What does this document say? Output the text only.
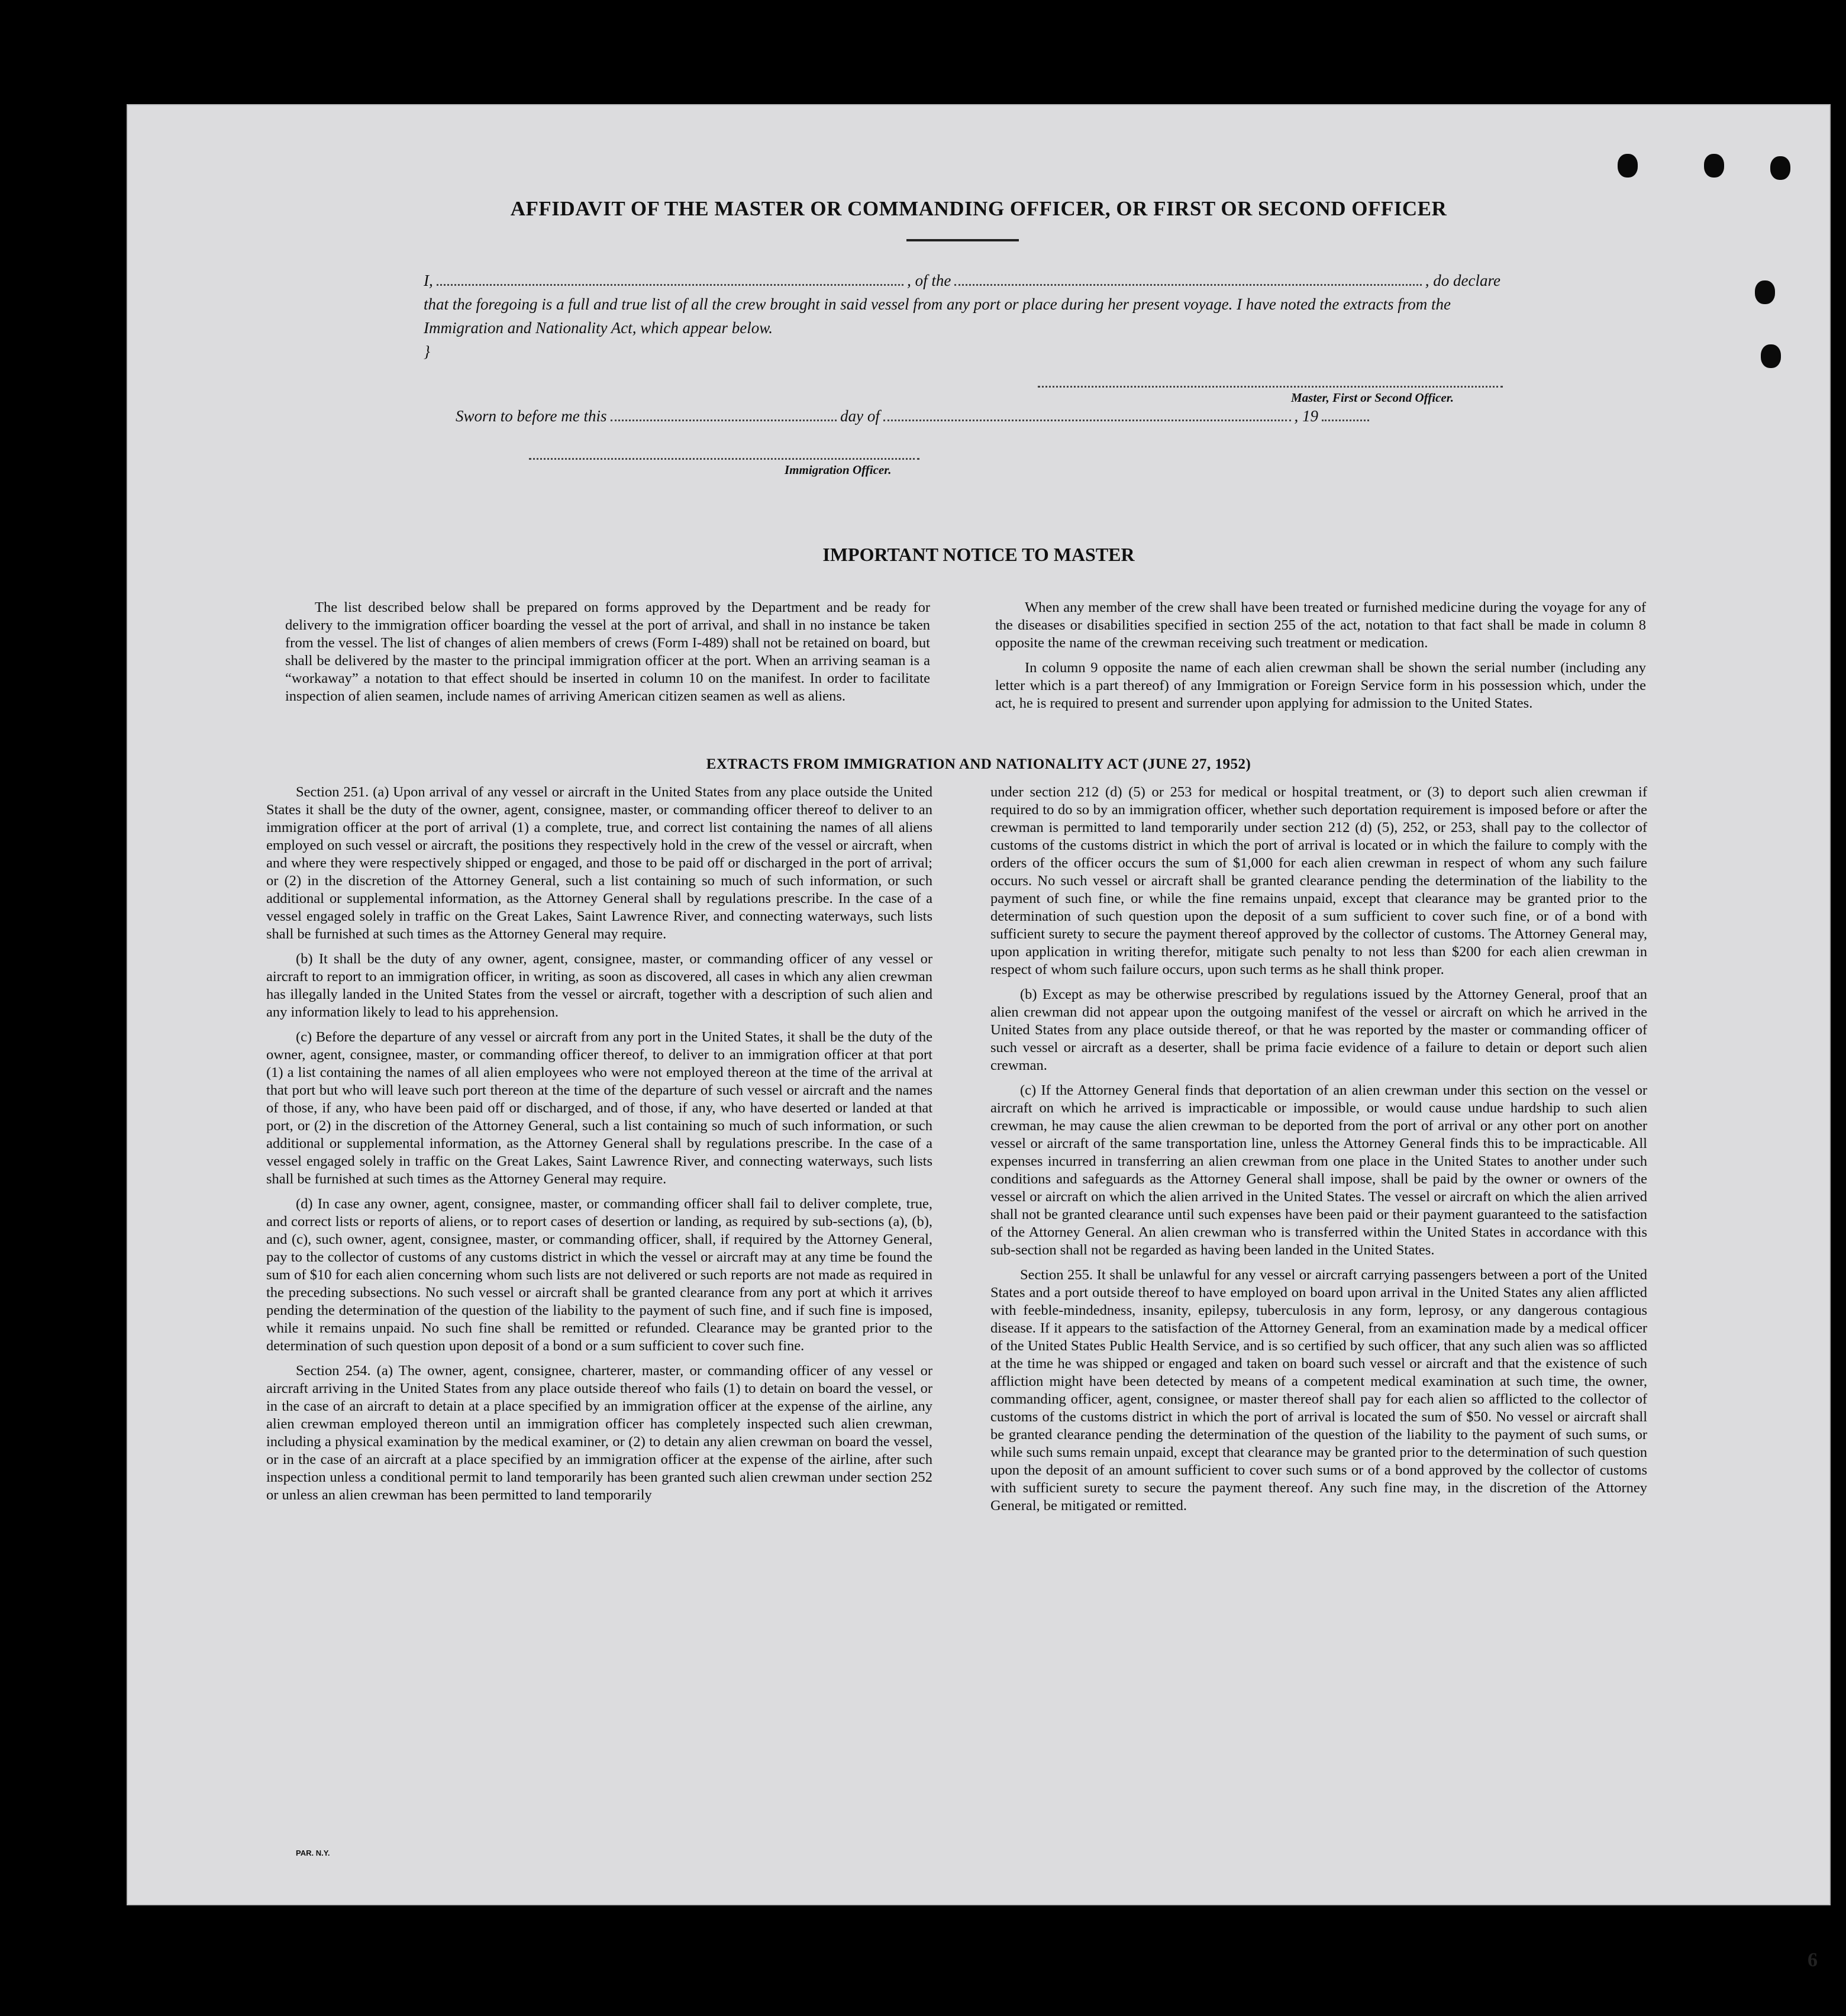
AFFIDAVIT OF THE MASTER OR COMMANDING OFFICER, OR FIRST OR SECOND OFFICER
I,	, of the	, do declare
that the foregoing is a full and true list of all the crew brought in said vessel from any port or place during her present voyage. I have noted the extracts from the Immigration and Nationality Act, which appear below.
}
Master, First or Second Officer.
Sworn to before me this	day of	, 19
Immigration Officer.
IMPORTANT NOTICE TO MASTER

The list described below shall be prepared on forms approved by the Department and be ready for delivery to the immigration officer boarding the vessel at the port of arrival, and shall in no instance be taken from the vessel. The list of changes of alien members of crews (Form I-489) shall not be retained on board, but shall be delivered by the master to the principal immigration officer at the port. When an arriving seaman is a “workaway” a notation to that effect should be inserted in column 10 on the manifest. In order to facilitate inspection of alien seamen, include names of arriving American citizen seamen as well as aliens.

When any member of the crew shall have been treated or furnished medicine during the voyage for any of the diseases or disabilities specified in section 255 of the act, notation to that fact shall be made in column 8 opposite the name of the crewman receiving such treatment or medication.

In column 9 opposite the name of each alien crewman shall be shown the serial number (including any letter which is a part thereof) of any Immigration or Foreign Service form in his possession which, under the act, he is required to present and surrender upon applying for admission to the United States.

EXTRACTS FROM IMMIGRATION AND NATIONALITY ACT (JUNE 27, 1952)

Section 251. (a) Upon arrival of any vessel or aircraft in the United States from any place outside the United States it shall be the duty of the owner, agent, consignee, master, or commanding officer thereof to deliver to an immigration officer at the port of arrival (1) a complete, true, and correct list containing the names of all aliens employed on such vessel or aircraft, the positions they respectively hold in the crew of the vessel or aircraft, when and where they were respectively shipped or engaged, and those to be paid off or discharged in the port of arrival; or (2) in the discretion of the Attorney General, such a list containing so much of such information, or such additional or supplemental information, as the Attorney General shall by regulations prescribe. In the case of a vessel engaged solely in traffic on the Great Lakes, Saint Lawrence River, and connecting waterways, such lists shall be furnished at such times as the Attorney General may require.

(b) It shall be the duty of any owner, agent, consignee, master, or commanding officer of any vessel or aircraft to report to an immigration officer, in writing, as soon as discovered, all cases in which any alien crewman has illegally landed in the United States from the vessel or aircraft, together with a description of such alien and any information likely to lead to his apprehension.

(c) Before the departure of any vessel or aircraft from any port in the United States, it shall be the duty of the owner, agent, consignee, master, or commanding officer thereof, to deliver to an immigration officer at that port (1) a list containing the names of all alien employees who were not employed thereon at the time of the arrival at that port but who will leave such port thereon at the time of the departure of such vessel or aircraft and the names of those, if any, who have been paid off or discharged, and of those, if any, who have deserted or landed at that port, or (2) in the discretion of the Attorney General, such a list containing so much of such information, or such additional or supplemental information, as the Attorney General shall by regulations prescribe. In the case of a vessel engaged solely in traffic on the Great Lakes, Saint Lawrence River, and connecting waterways, such lists shall be furnished at such times as the Attorney General may require.

(d) In case any owner, agent, consignee, master, or commanding officer shall fail to deliver complete, true, and correct lists or reports of aliens, or to report cases of desertion or landing, as required by sub-sections (a), (b), and (c), such owner, agent, consignee, master, or commanding officer, shall, if required by the Attorney General, pay to the collector of customs of any customs district in which the vessel or aircraft may at any time be found the sum of $10 for each alien concerning whom such lists are not delivered or such reports are not made as required in the preceding subsections. No such vessel or aircraft shall be granted clearance from any port at which it arrives pending the determination of the question of the liability to the payment of such fine, and if such fine is imposed, while it remains unpaid. No such fine shall be remitted or refunded. Clearance may be granted prior to the determination of such question upon deposit of a bond or a sum sufficient to cover such fine.

Section 254. (a) The owner, agent, consignee, charterer, master, or commanding officer of any vessel or aircraft arriving in the United States from any place outside thereof who fails (1) to detain on board the vessel, or in the case of an aircraft to detain at a place specified by an immigration officer at the expense of the airline, any alien crewman employed thereon until an immigration officer has completely inspected such alien crewman, including a physical examination by the medical examiner, or (2) to detain any alien crewman on board the vessel, or in the case of an aircraft at a place specified by an immigration officer at the expense of the airline, after such inspection unless a conditional permit to land temporarily has been granted such alien crewman under section 252 or unless an alien crewman has been permitted to land temporarily

under section 212 (d) (5) or 253 for medical or hospital treatment, or (3) to deport such alien crewman if required to do so by an immigration officer, whether such deportation requirement is imposed before or after the crewman is permitted to land temporarily under section 212 (d) (5), 252, or 253, shall pay to the collector of customs of the customs district in which the port of arrival is located or in which the failure to comply with the orders of the officer occurs the sum of $1,000 for each alien crewman in respect of whom any such failure occurs. No such vessel or aircraft shall be granted clearance pending the determination of the liability to the payment of such fine, or while the fine remains unpaid, except that clearance may be granted prior to the determination of such question upon the deposit of a sum sufficient to cover such fine, or of a bond with sufficient surety to secure the payment thereof approved by the collector of customs. The Attorney General may, upon application in writing therefor, mitigate such penalty to not less than $200 for each alien crewman in respect of whom such failure occurs, upon such terms as he shall think proper.

(b) Except as may be otherwise prescribed by regulations issued by the Attorney General, proof that an alien crewman did not appear upon the outgoing manifest of the vessel or aircraft on which he arrived in the United States from any place outside thereof, or that he was reported by the master or commanding officer of such vessel or aircraft as a deserter, shall be prima facie evidence of a failure to detain or deport such alien crewman.

(c) If the Attorney General finds that deportation of an alien crewman under this section on the vessel or aircraft on which he arrived is impracticable or impossible, or would cause undue hardship to such alien crewman, he may cause the alien crewman to be deported from the port of arrival or any other port on another vessel or aircraft of the same transportation line, unless the Attorney General finds this to be impracticable. All expenses incurred in transferring an alien crewman from one place in the United States to another under such conditions and safeguards as the Attorney General shall impose, shall be paid by the owner or owners of the vessel or aircraft on which the alien arrived in the United States. The vessel or aircraft on which the alien arrived shall not be granted clearance until such expenses have been paid or their payment guaranteed to the satisfaction of the Attorney General. An alien crewman who is transferred within the United States in accordance with this sub-section shall not be regarded as having been landed in the United States.

Section 255. It shall be unlawful for any vessel or aircraft carrying passengers between a port of the United States and a port outside thereof to have employed on board upon arrival in the United States any alien afflicted with feeble-mindedness, insanity, epilepsy, tuberculosis in any form, leprosy, or any dangerous contagious disease. If it appears to the satisfaction of the Attorney General, from an examination made by a medical officer of the United States Public Health Service, and is so certified by such officer, that any such alien was so afflicted at the time he was shipped or engaged and taken on board such vessel or aircraft and that the existence of such affliction might have been detected by means of a competent medical examination at such time, the owner, commanding officer, agent, consignee, or master thereof shall pay for each alien so afflicted to the collector of customs of the customs district in which the port of arrival is located the sum of $50. No vessel or aircraft shall be granted clearance pending the determination of the question of the liability to the payment of such sums, or while such sums remain unpaid, except that clearance may be granted prior to the determination of such question upon the deposit of an amount sufficient to cover such sums or of a bond approved by the collector of customs with sufficient surety to secure the payment thereof. Any such fine may, in the discretion of the Attorney General, be mitigated or remitted.

PAR. N.Y.
6
